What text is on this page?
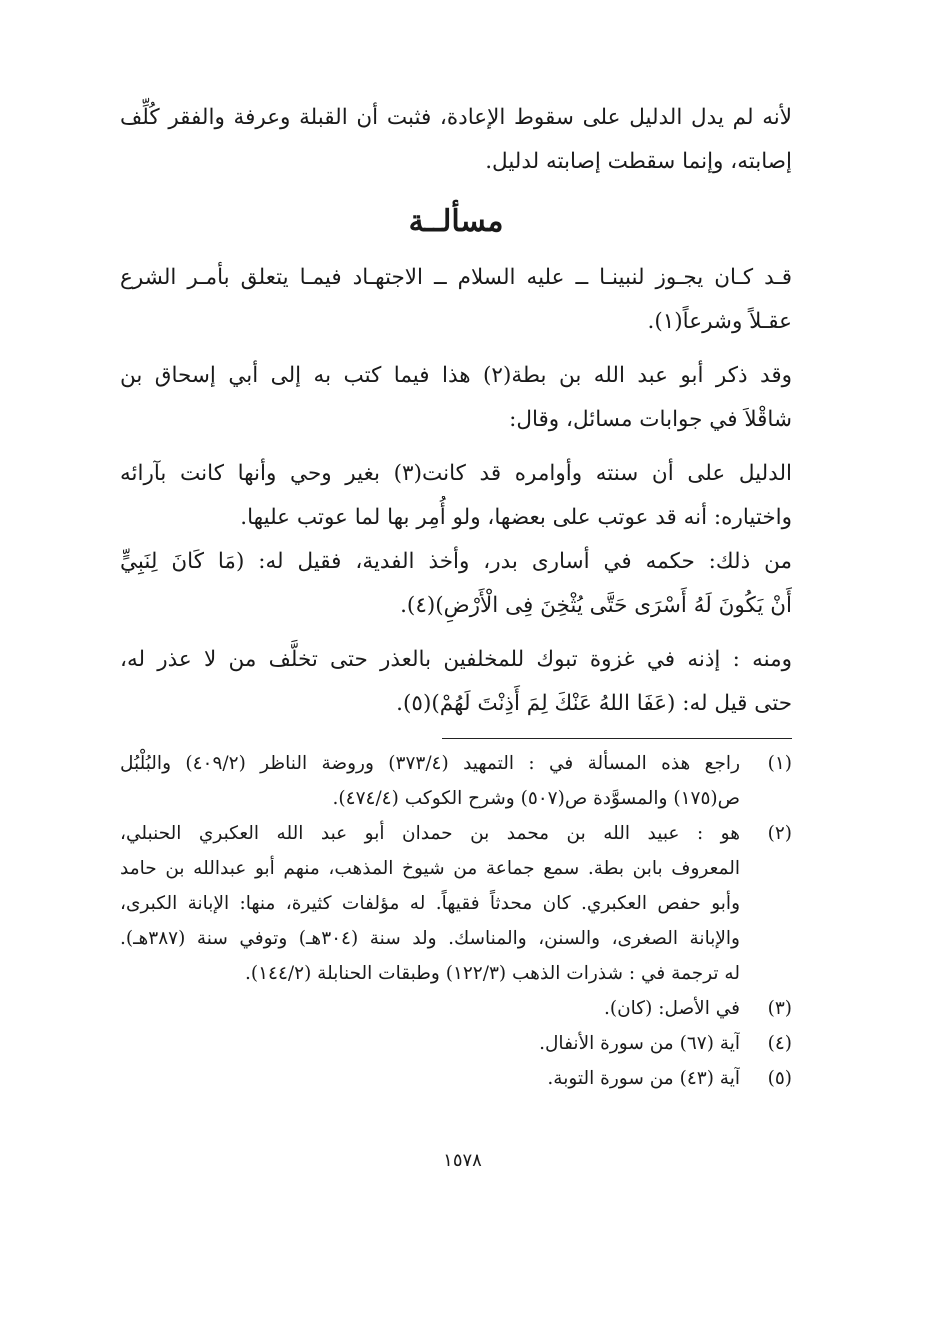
لأنه لم يدل الدليل على سقوط الإعادة، فثبت أن القبلة وعرفة والفقر كُلِّف
إصابته، وإنما سقطت إصابته لدليل.
مسألــة
قـد كـان يجـوز لنبينـا ــ عليه السلام ــ الاجتهـاد فيمـا يتعلق بأمـر الشرع
عقـلاً وشرعاً(١).
وقد ذكر أبو عبد الله بن بطة(٢) هذا فيما كتب به إلى أبي إسحاق بن
شاقْلاَ في جوابات مسائل، وقال:
الدليل على أن سنته وأوامره قد كانت(٣) بغير وحي وأنها كانت بآرائه
واختياره: أنه قد عوتب على بعضها، ولو أُمِر بها لما عوتب عليها.
من ذلك: حكمه في أسارى بدر، وأخذ الفدية، فقيل له: (مَا كَانَ لِنَبِيٍّ
أَنْ يَكُونَ لَهُ أَسْرَى حَتَّى يُثْخِنَ فِى الْأَرْضِ)(٤).
ومنه : إذنه في غزوة تبوك للمخلفين بالعذر حتى تخلَّف من لا عذر له،
حتى قيل له: (عَفَا اللهُ عَنْكَ لِمَ أَذِنْتَ لَهُمْ)(٥).
(١)
راجع هذه المسألة في : التمهيد (٣٧٣/٤) وروضة الناظر (٤٠٩/٢) والبُلْبُل
ص(١٧٥) والمسوَّدة ص(٥٠٧) وشرح الكوكب (٤٧٤/٤).
(٢)
هو : عبيد الله بن محمد بن حمدان أبو عبد الله العكبري الحنبلي،
المعروف بابن بطة. سمع جماعة من شيوخ المذهب، منهم أبو عبدالله بن حامد
وأبو حفص العكبري. كان محدثاً فقيهاً. له مؤلفات كثيرة، منها: الإبانة الكبرى،
والإبانة الصغرى، والسنن، والمناسك. ولد سنة (٣٠٤هـ) وتوفي سنة (٣٨٧هـ).
له ترجمة في : شذرات الذهب (١٢٢/٣) وطبقات الحنابلة (١٤٤/٢).
(٣)
في الأصل: (كان).
(٤)
آية (٦٧) من سورة الأنفال.
(٥)
آية (٤٣) من سورة التوبة.
١٥٧٨
